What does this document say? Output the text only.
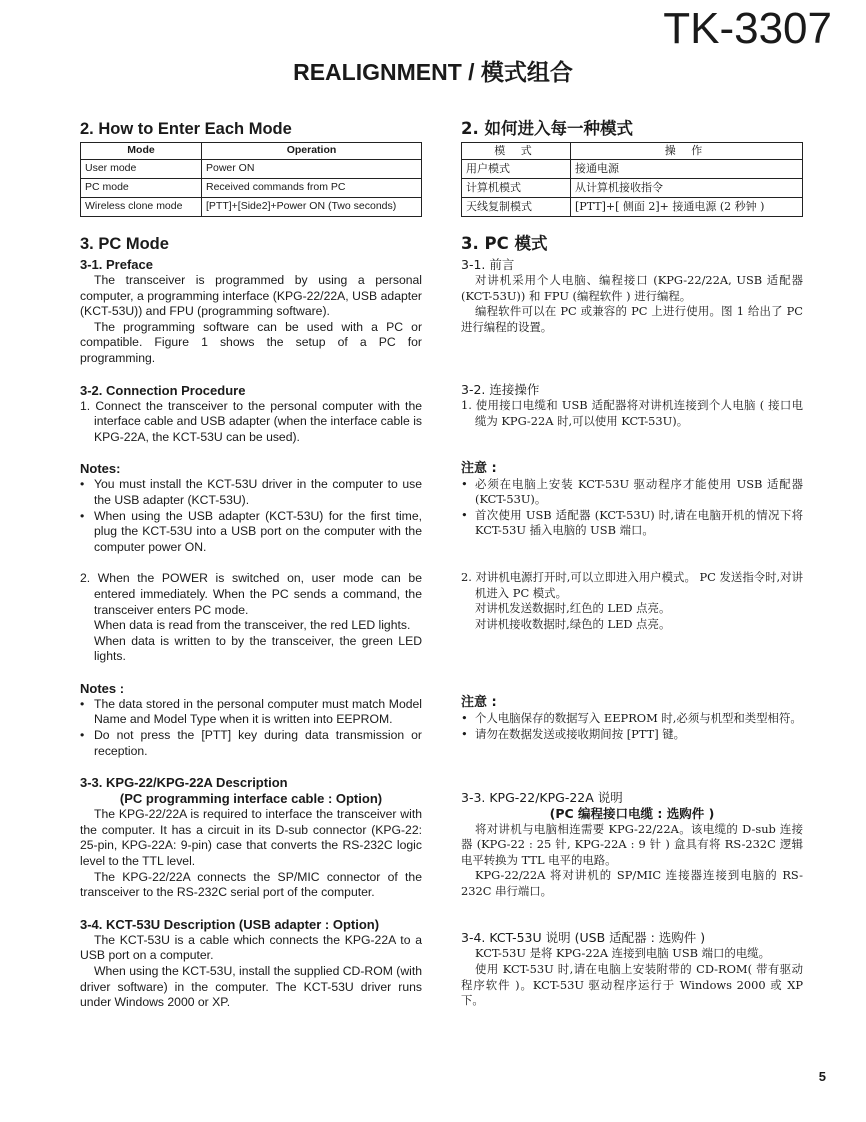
TK-3307
REALIGNMENT / 模式组合
2. How to Enter Each Mode
Mode	Operation
User mode	Power ON
PC mode	Received commands from PC
Wireless clone mode	[PTT]+[Side2]+Power ON (Two seconds)
3. PC Mode
3-1. Preface

The transceiver is programmed by using a personal computer, a programming interface (KPG-22/22A, USB adapter (KCT-53U)) and FPU (programming software).

The programming software can be used with a PC or compatible. Figure 1 shows the setup of a PC for programming.

3-2. Connection Procedure

1. Connect the transceiver to the personal computer with the interface cable and USB adapter (when the interface cable is KPG-22A, the KCT-53U can be used).

Notes:
• You must install the KCT-53U driver in the computer to use the USB adapter (KCT-53U).
• When using the USB adapter (KCT-53U) for the first time, plug the KCT-53U into a USB port on the computer with the computer power ON.

2. When the POWER is switched on, user mode can be entered immediately. When the PC sends a command, the transceiver enters PC mode.

When data is read from the transceiver, the red LED lights.

When data is written to by the transceiver, the green LED lights.

Notes :
• The data stored in the personal computer must match Model Name and Model Type when it is written into EEPROM.
• Do not press the [PTT] key during data transmission or reception.
3-3. KPG-22/KPG-22A Description
(PC programming interface cable : Option)

The KPG-22/22A is required to interface the transceiver with the computer. It has a circuit in its D-sub connector (KPG-22: 25-pin, KPG-22A: 9-pin) case that converts the RS-232C logic level to the TTL level.

The KPG-22/22A connects the SP/MIC connector of the transceiver to the RS-232C serial port of the computer.

3-4. KCT-53U Description (USB adapter : Option)

The KCT-53U is a cable which connects the KPG-22A to a USB port on a computer.

When using the KCT-53U, install the supplied CD-ROM (with driver software) in the computer. The KCT-53U driver runs under Windows 2000 or XP.

2. 如何进入每一种模式
模 式	操 作
用户模式	接通电源
计算机模式	从计算机接收指令
天线复制模式	[PTT]+[ 侧面 2]+ 接通电源 (2 秒钟 )
3. PC 模式
3-1. 前言

对讲机采用个人电脑、编程接口 (KPG-22/22A, USB 适配器 (KCT-53U)) 和 FPU (编程软件 ) 进行编程。

编程软件可以在 PC 或兼容的 PC 上进行使用。图 1 给出了 PC 进行编程的设置。

3-2. 连接操作

1. 使用接口电缆和 USB 适配器将对讲机连接到个人电脑 ( 接口电缆为 KPG-22A 时,可以使用 KCT-53U)。

注意 :
• 必须在电脑上安装 KCT-53U 驱动程序才能使用 USB 适配器 (KCT-53U)。
• 首次使用 USB 适配器 (KCT-53U) 时,请在电脑开机的情况下将 KCT-53U 插入电脑的 USB 端口。

2. 对讲机电源打开时,可以立即进入用户模式。 PC 发送指令时,对讲机进入 PC 模式。

对讲机发送数据时,红色的 LED 点亮。

对讲机接收数据时,绿色的 LED 点亮。

注意 :
• 个人电脑保存的数据写入 EEPROM 时,必须与机型和类型相符。
• 请勿在数据发送或接收期间按 [PTT] 键。
3-3. KPG-22/KPG-22A 说明
(PC 编程接口电缆 : 选购件 )

将对讲机与电脑相连需要 KPG-22/22A。该电缆的 D-sub 连接器 (KPG-22 : 25 针, KPG-22A : 9 针 ) 盒具有将 RS-232C 逻辑电平转换为 TTL 电平的电路。

KPG-22/22A 将对讲机的 SP/MIC 连接器连接到电脑的 RS-232C 串行端口。

3-4. KCT-53U 说明 (USB 适配器 : 选购件 )

KCT-53U 是将 KPG-22A 连接到电脑 USB 端口的电缆。

使用 KCT-53U 时,请在电脑上安装附带的 CD-ROM( 带有驱动程序软件 )。KCT-53U 驱动程序运行于 Windows 2000 或 XP 下。

5
